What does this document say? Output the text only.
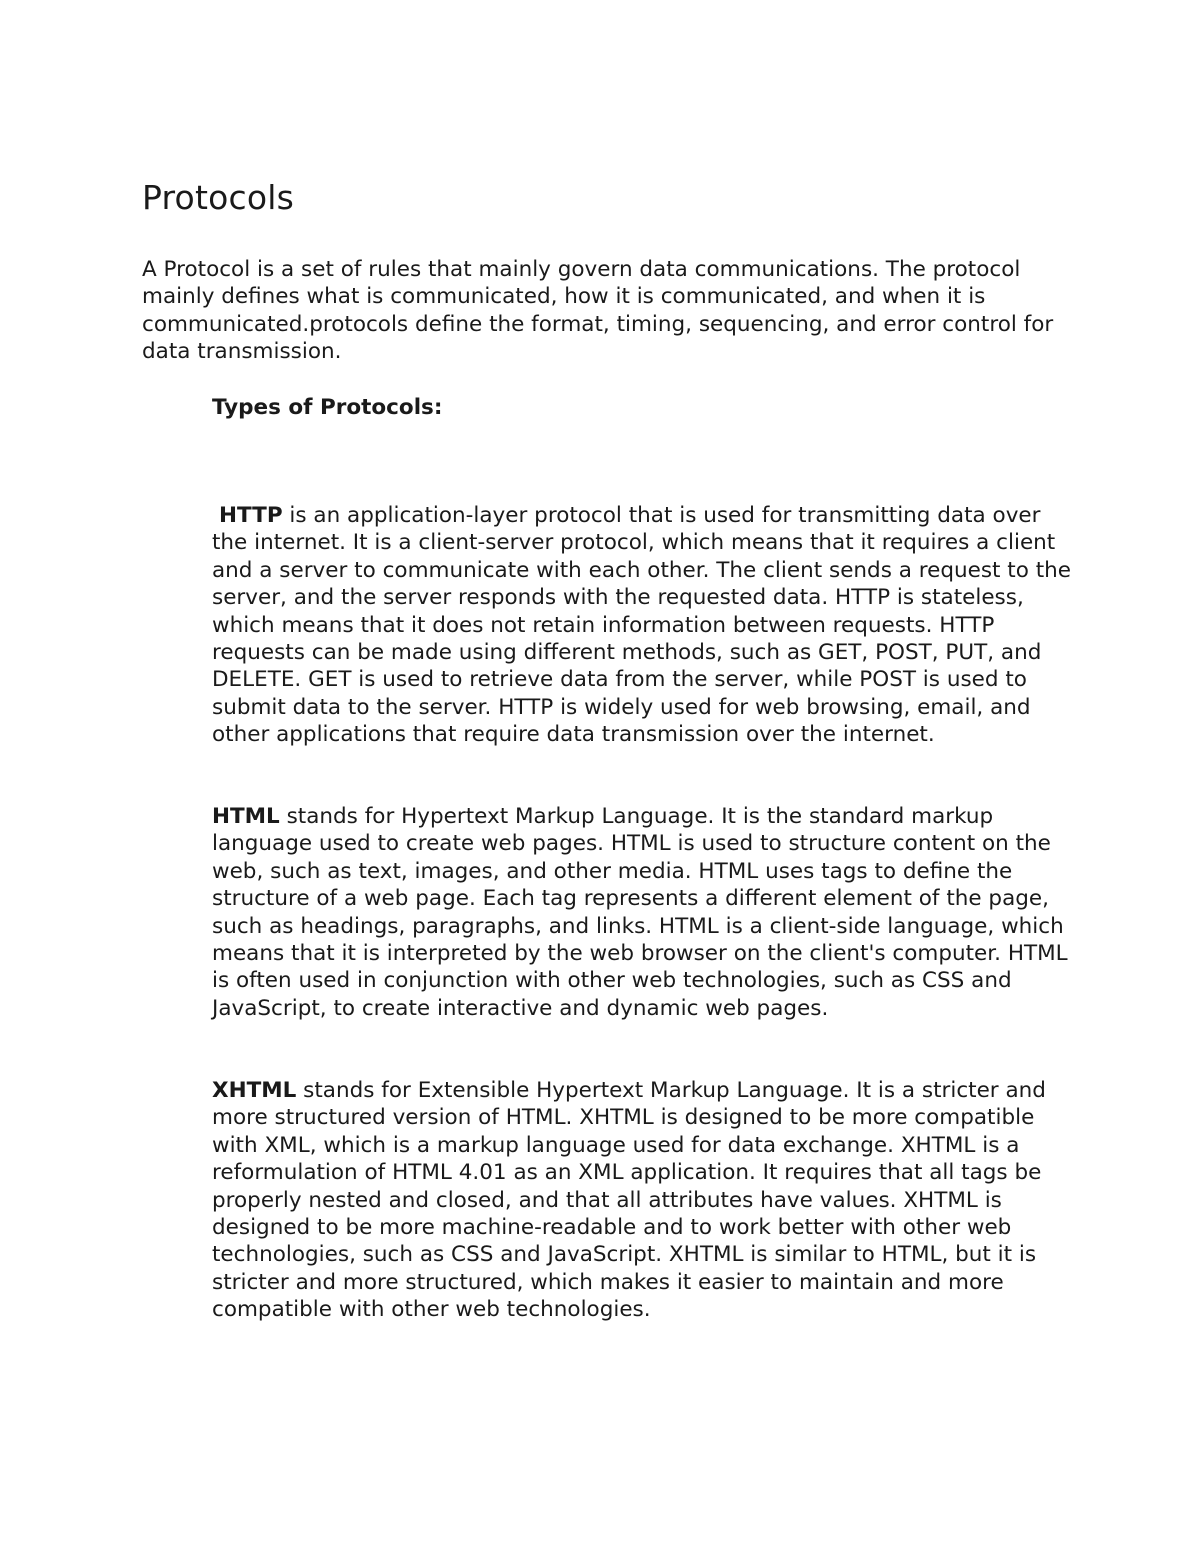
Protocols

A Protocol is a set of rules that mainly govern data communications. The protocol mainly defines what is communicated, how it is communicated, and when it is communicated.protocols define the format, timing, sequencing, and error control for data transmission.

Types of Protocols:

HTTP is an application-layer protocol that is used for transmitting data over the internet. It is a client-server protocol, which means that it requires a client and a server to communicate with each other. The client sends a request to the server, and the server responds with the requested data. HTTP is stateless, which means that it does not retain information between requests. HTTP requests can be made using different methods, such as GET, POST, PUT, and DELETE. GET is used to retrieve data from the server, while POST is used to submit data to the server. HTTP is widely used for web browsing, email, and other applications that require data transmission over the internet.

HTML stands for Hypertext Markup Language. It is the standard markup language used to create web pages. HTML is used to structure content on the web, such as text, images, and other media. HTML uses tags to define the structure of a web page. Each tag represents a different element of the page, such as headings, paragraphs, and links. HTML is a client-side language, which means that it is interpreted by the web browser on the client's computer. HTML is often used in conjunction with other web technologies, such as CSS and JavaScript, to create interactive and dynamic web pages.

XHTML stands for Extensible Hypertext Markup Language. It is a stricter and more structured version of HTML. XHTML is designed to be more compatible with XML, which is a markup language used for data exchange. XHTML is a reformulation of HTML 4.01 as an XML application. It requires that all tags be properly nested and closed, and that all attributes have values. XHTML is designed to be more machine-readable and to work better with other web technologies, such as CSS and JavaScript. XHTML is similar to HTML, but it is stricter and more structured, which makes it easier to maintain and more compatible with other web technologies.
